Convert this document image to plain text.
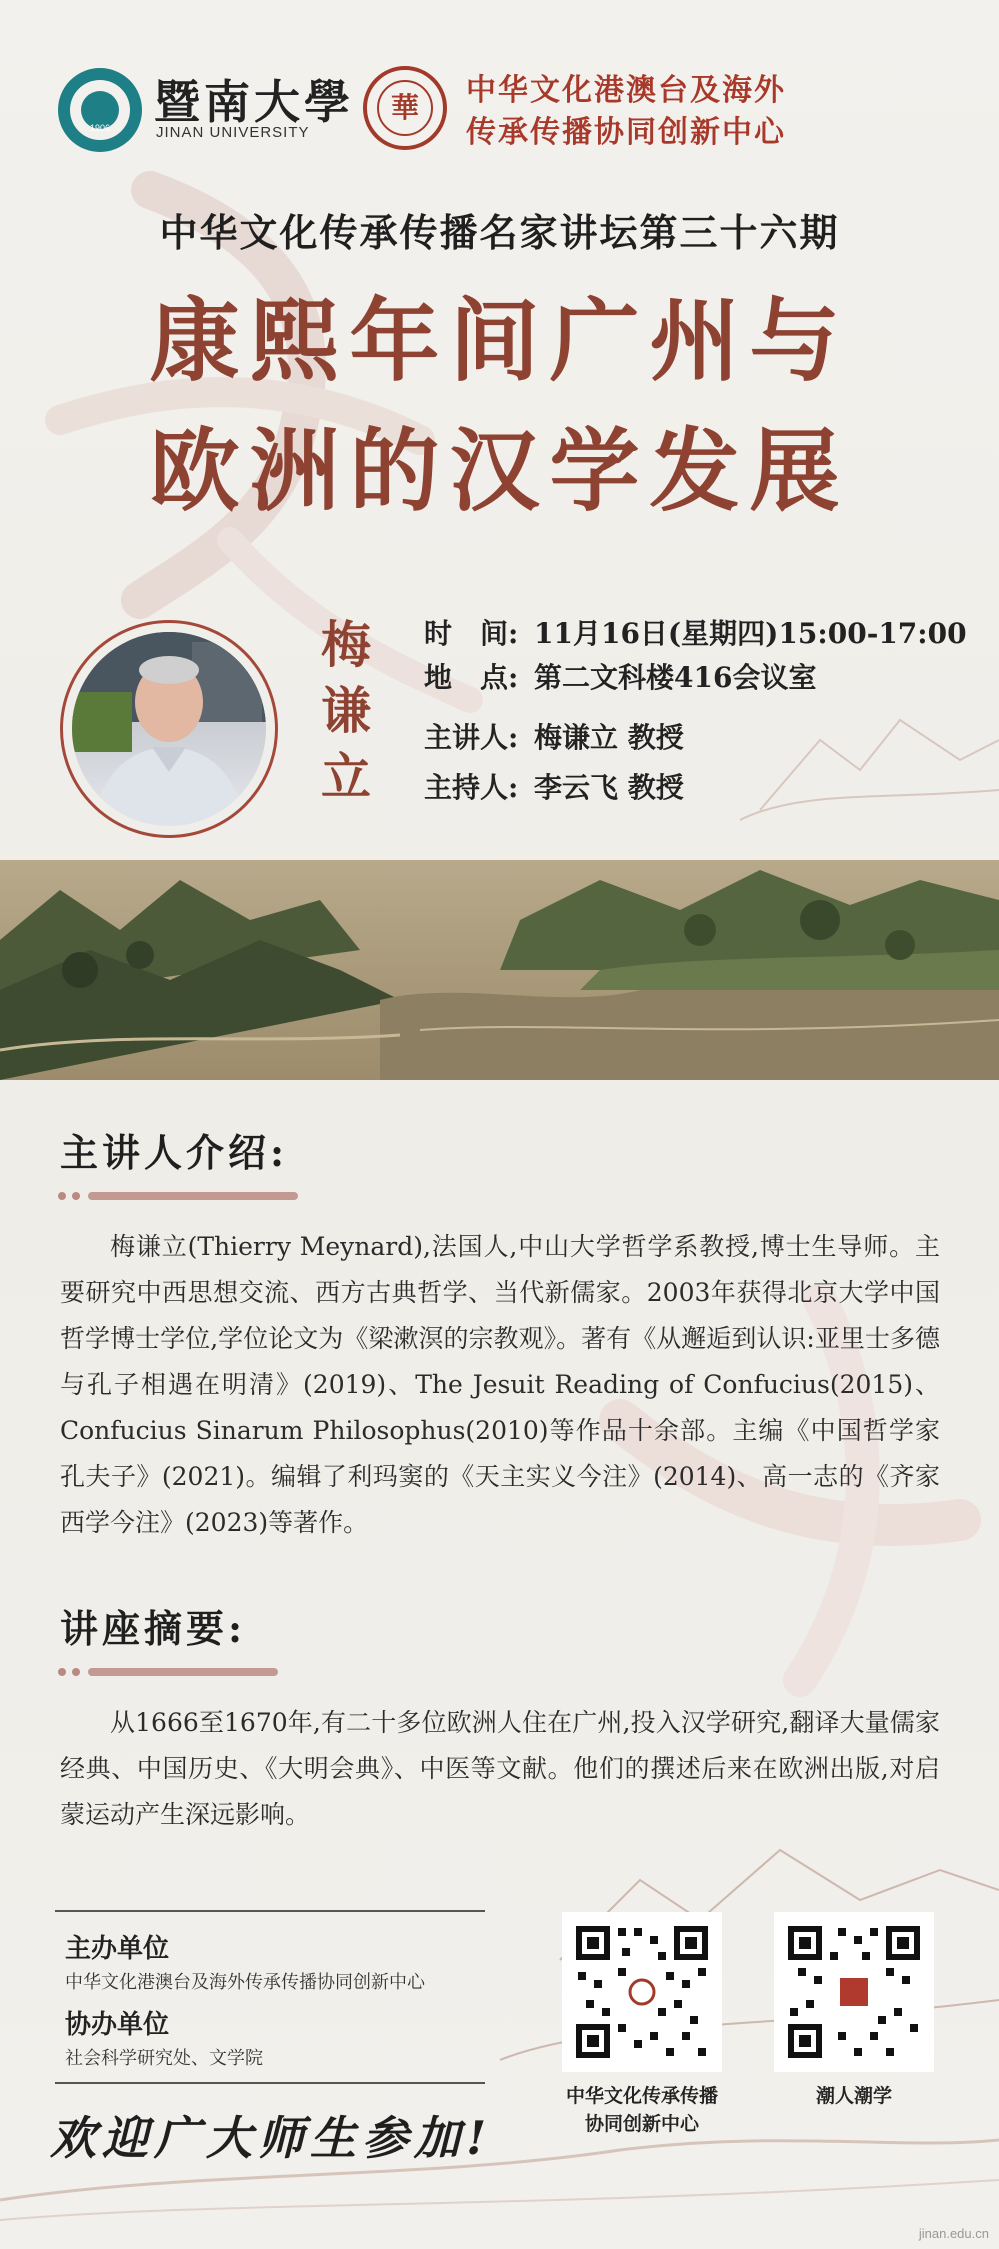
1906 暨南大學
JINAN UNIVERSITY
華	中华文化港澳台及海外
传承传播协同创新中心
中华文化传承传播名家讲坛第三十六期
康熙年间广州与
欧洲的汉学发展
梅
谦
立
时　间: 11月16日(星期四)15:00-17:00
地　点: 第二文科楼416会议室
主讲人: 梅谦立 教授
主持人: 李云飞 教授
主讲人介绍:
梅谦立(Thierry Meynard),法国人,中山大学哲学系教授,博士生导师。主要研究中西思想交流、西方古典哲学、当代新儒家。2003年获得北京大学中国哲学博士学位,学位论文为《梁漱溟的宗教观》。著有《从邂逅到认识:亚里士多德与孔子相遇在明清》(2019)、The Jesuit Reading of Confucius(2015)、Confucius Sinarum Philosophus(2010)等作品十余部。主编《中国哲学家孔夫子》(2021)。编辑了利玛窦的《天主实义今注》(2014)、高一志的《齐家西学今注》(2023)等著作。
讲座摘要:
从1666至1670年,有二十多位欧洲人住在广州,投入汉学研究,翻译大量儒家经典、中国历史、《大明会典》、中医等文献。他们的撰述后来在欧洲出版,对启蒙运动产生深远影响。
主办单位
中华文化港澳台及海外传承传播协同创新中心
协办单位
社会科学研究处、文学院
中华文化传承传播
协同创新中心
潮人潮学
欢迎广大师生参加!
jinan.edu.cn
